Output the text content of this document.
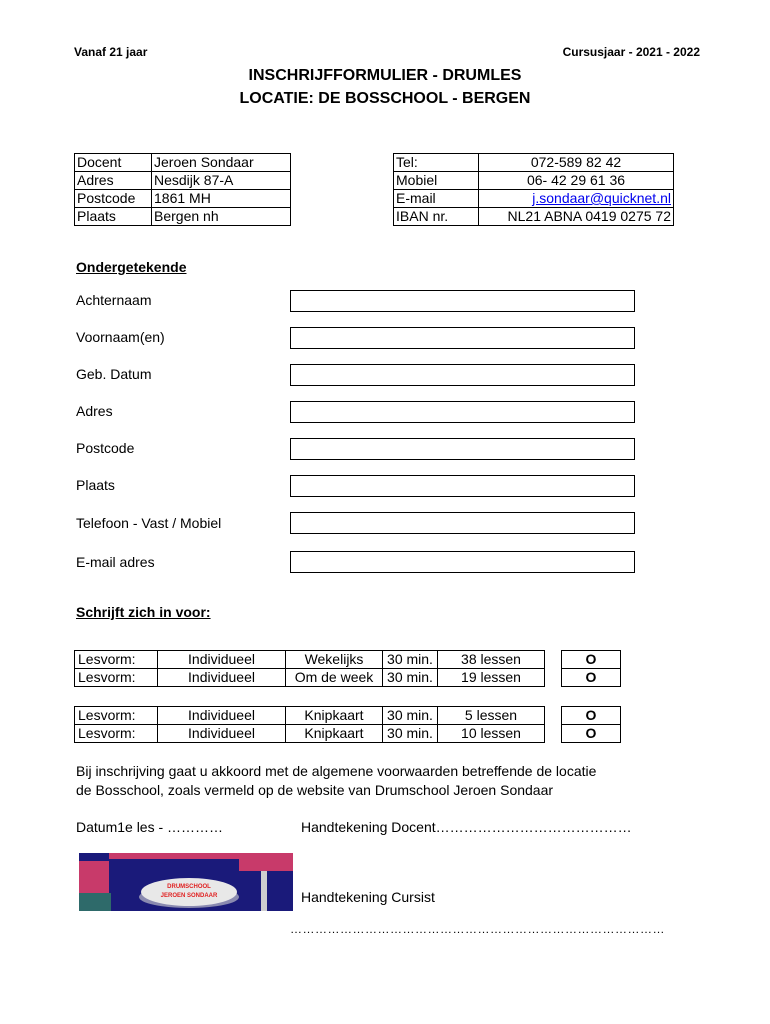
Vanaf 21 jaar	Cursusjaar - 2021 - 2022
INSCHRIJFFORMULIER - DRUMLES
LOCATIE: DE BOSSCHOOL - BERGEN
Docent	Jeroen Sondaar
Adres	Nesdijk 87-A
Postcode	1861 MH
Plaats	Bergen nh
Tel:	072-589 82 42
Mobiel	06- 42 29 61 36
E-mail	j.sondaar@quicknet.nl
IBAN nr.	NL21 ABNA 0419 0275 72
Ondergetekende
Achternaam
Voornaam(en)
Geb. Datum
Adres
Postcode
Plaats
Telefoon - Vast / Mobiel
E-mail adres
Schrijft zich in voor:
Lesvorm:	Individueel	Wekelijks	30 min.	38 lessen		O
Lesvorm:	Individueel	Om de week	30 min.	19 lessen		O
Lesvorm:	Individueel	Knipkaart	30 min.	5 lessen		O
Lesvorm:	Individueel	Knipkaart	30 min.	10 lessen		O
Bij inschrijving gaat u akkoord met de algemene voorwaarden betreffende de locatie
de Bosschool, zoals vermeld op de website van Drumschool Jeroen Sondaar
Datum1e les - …………	Handtekening Docent……………………………………
DRUMSCHOOL
JEROEN SONDAAR	Handtekening Cursist
………………………………………………………………………………
